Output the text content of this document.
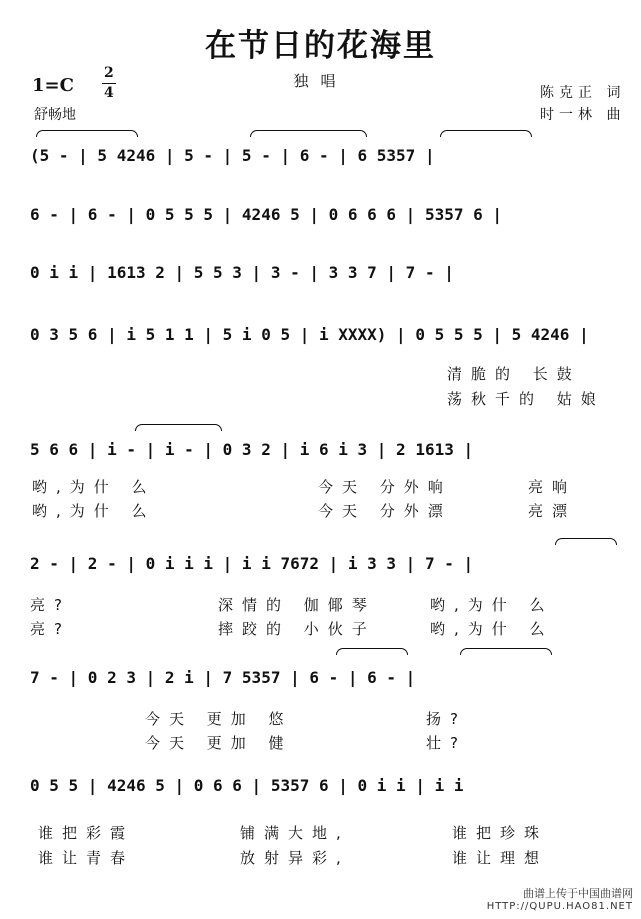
在节日的花海里
独唱
$1=C \frac{2}{4}$
舒畅地
陈克正 词
时一林 曲
(5 - | 5 4246 | 5 - | 5 - | 6 - | 6 5357 |
6 - | 6 - | 0 5 5 5 | 4246 5 | 0 6 6 6 | 5357 6 |
0 i i | 1613 2 | 5 5 3 | 3 - | 3 3 7 | 7 - |
0 3 5 6 | i 5 1 1 | 5 i 0 5 | i XXXX) | 0 5 5 5 | 5 4246 |
清脆的 长鼓
荡秋千的 姑娘
5 6 6 | i - | i - | 0 3 2 | i 6 i 3 | 2 1613 |
哟,为什 么	今天 分外响	亮响
哟,为什 么	今天 分外漂	亮漂
2 - | 2 - | 0 i i i | i i 7672 | i 3 3 | 7 - |
亮?	深情的 伽倻琴	哟,为什 么
亮?	摔跤的 小伙子	哟,为什 么
7 - | 0 2 3 | 2 i | 7 5357 | 6 - | 6 - |
今天 更加 悠	扬?
今天 更加 健	壮?
0 5 5 | 4246 5 | 0 6 6 | 5357 6 | 0 i i | i i
谁把彩霞	铺满大地,	谁把珍珠
谁让青春	放射异彩,	谁让理想
曲谱上传于中国曲谱网
HTTP://QUPU.HAO81.NET
